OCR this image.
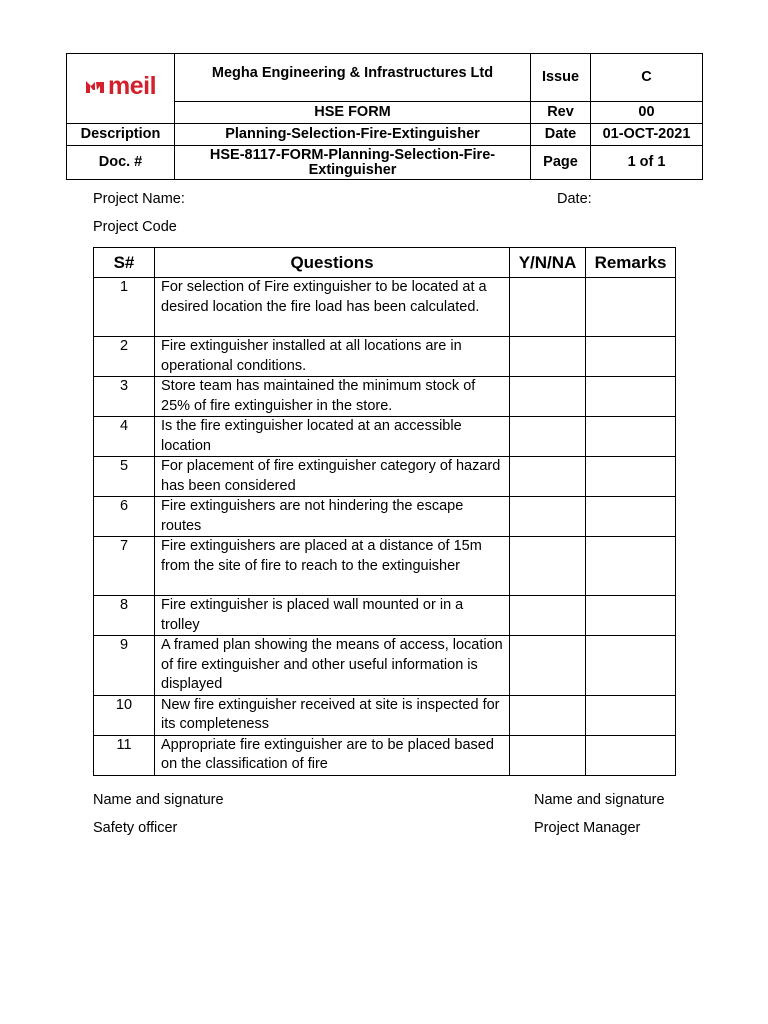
meil	Megha Engineering & Infrastructures Ltd	Issue	C
	HSE FORM	Rev	00
Description	Planning-Selection-Fire-Extinguisher	Date	01-OCT-2021
Doc. #	HSE-8117-FORM-Planning-Selection-Fire-Extinguisher	Page	1 of 1
Project Name:	Date:
Project Code
S#	Questions	Y/N/NA	Remarks
1	For selection of Fire extinguisher to be located at a desired location the fire load has been calculated.		
2	Fire extinguisher installed at all locations are in operational conditions.		
3	Store team has maintained the minimum stock of 25% of fire extinguisher in the store.		
4	Is the fire extinguisher located at an accessible location		
5	For placement of fire extinguisher category of hazard has been considered		
6	Fire extinguishers are not hindering the escape routes		
7	Fire extinguishers are placed at a distance of 15m from the site of fire to reach to the extinguisher		
8	Fire extinguisher is placed wall mounted or in a trolley		
9	A framed plan showing the means of access, location of fire extinguisher and other useful information is displayed		
10	New fire extinguisher received at site is inspected for its completeness		
11	Appropriate fire extinguisher are to be placed based on the classification of fire		
Name and signature
Safety officer
Name and signature
Project Manager
